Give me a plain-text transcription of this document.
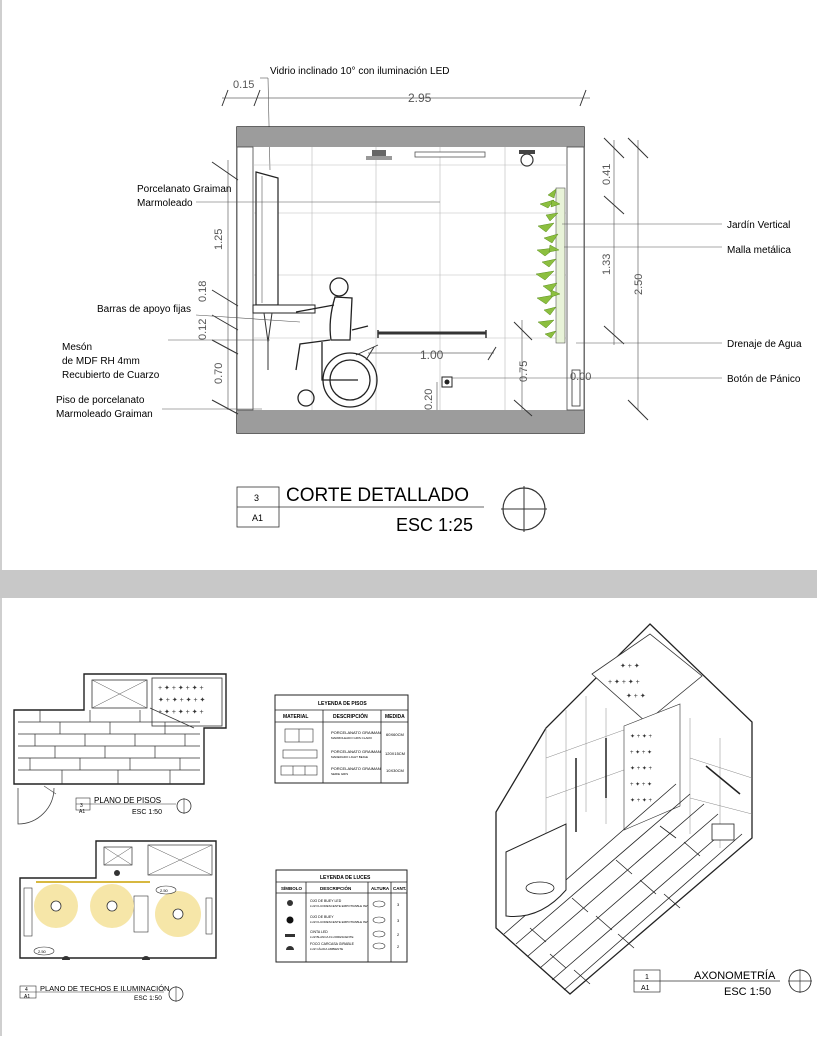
Vidrio inclinado 10° con iluminación LED
0.15
2.95
1.25
0.18
0.12
0.70
1.00
0.20
0.75	0.00
0.41
1.33
2.50
Porcelanato Graiman
Marmoleado
Barras de apoyo fijas
Mesón
de MDF RH 4mm
Recubierto de Cuarzo
Piso de porcelanato
Marmoleado Graiman
Jardín Vertical
Malla metálica
Drenaje de Agua
Botón de Pánico
3
A1
CORTE DETALLADO
ESC 1:25
+ ✦ + ✦ + ✦ +
✦ + ✦ + ✦ + ✦
+ ✦ + ✦ + ✦ +
3
A1
PLANO DE PISOS
ESC 1:50
2.50
2.50
4
A1
PLANO DE TECHOS E ILUMINACIÓN
ESC 1:50
LEYENDA DE PISOS
MATERIAL	DESCRIPCIÓN	MEDIDA
PORCELANATO GRAIMAN
MARMOLEADO GRIS CLARO
60X60CM
PORCELANATO GRAIMAN
MADERADO LIGHT BEIGE
120X15CM
PORCELANATO GRAIMAN
SERIE GRIS
10X30CM
LEYENDA DE LUCES
SÍMBOLO	DESCRIPCIÓN	ALTURA CANT.
OJO DE BUEY LED
LUZ FLUORESCENTE EMPOTRABLE 9W	3
OJO DE BUEY
LUZ FLUORESCENTE EMPOTRABLE 9W	3
CINTA LED
LUZ BLANCA FLUORESCENTE	2
FOCO CARCASA GIRABLE
LUZ CÁLIDA AMBIENTE	2
✦ + ✦
+ ✦ + ✦ +
✦ + ✦
✦ + ✦ +
+ ✦ + ✦
✦ + ✦ +
+ ✦ + ✦
✦ + ✦ +
1
A1
AXONOMETRÍA
ESC 1:50
